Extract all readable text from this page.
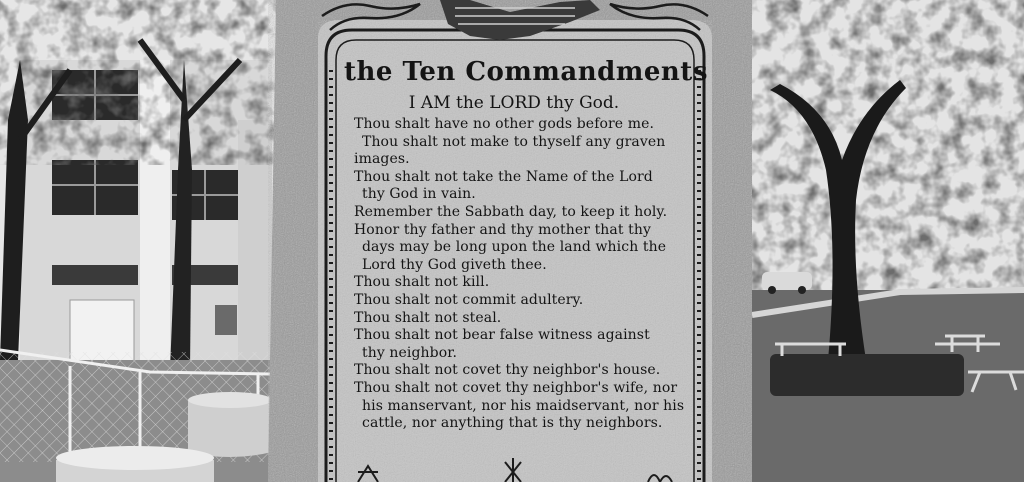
the Ten Commandments
I AM the LORD thy God.
Thou shalt have no other gods before me.
Thou shalt not make to thyself any graven
images.
Thou shalt not take the Name of the Lord
thy God in vain.
Remember the Sabbath day, to keep it holy.
Honor thy father and thy mother that thy
days may be long upon the land which the
Lord thy God giveth thee.
Thou shalt not kill.
Thou shalt not commit adultery.
Thou shalt not steal.
Thou shalt not bear false witness against
thy neighbor.
Thou shalt not covet thy neighbor's house.
Thou shalt not covet thy neighbor's wife, nor
his manservant, nor his maidservant, nor his
cattle, nor anything that is thy neighbors.
